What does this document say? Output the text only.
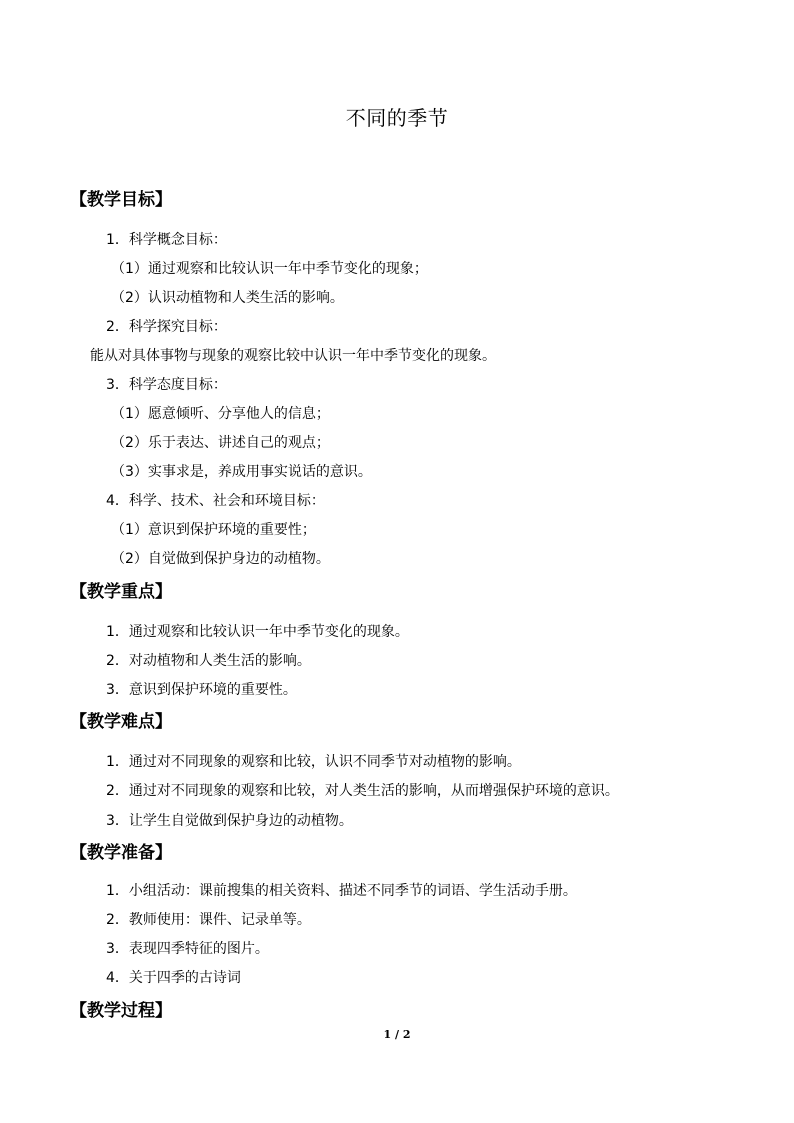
不同的季节
【教学目标】
1．科学概念目标：
（1）通过观察和比较认识一年中季节变化的现象；
（2）认识动植物和人类生活的影响。
2．科学探究目标：
能从对具体事物与现象的观察比较中认识一年中季节变化的现象。
3．科学态度目标：
（1）愿意倾听、分享他人的信息；
（2）乐于表达、讲述自己的观点；
（3）实事求是，养成用事实说话的意识。
4．科学、技术、社会和环境目标：
（1）意识到保护环境的重要性；
（2）自觉做到保护身边的动植物。
【教学重点】
1．通过观察和比较认识一年中季节变化的现象。
2．对动植物和人类生活的影响。
3．意识到保护环境的重要性。
【教学难点】
1．通过对不同现象的观察和比较，认识不同季节对动植物的影响。
2．通过对不同现象的观察和比较，对人类生活的影响，从而增强保护环境的意识。
3．让学生自觉做到保护身边的动植物。
【教学准备】
1．小组活动：课前搜集的相关资料、描述不同季节的词语、学生活动手册。
2．教师使用：课件、记录单等。
3．表现四季特征的图片。
4．关于四季的古诗词
【教学过程】
1 / 2
